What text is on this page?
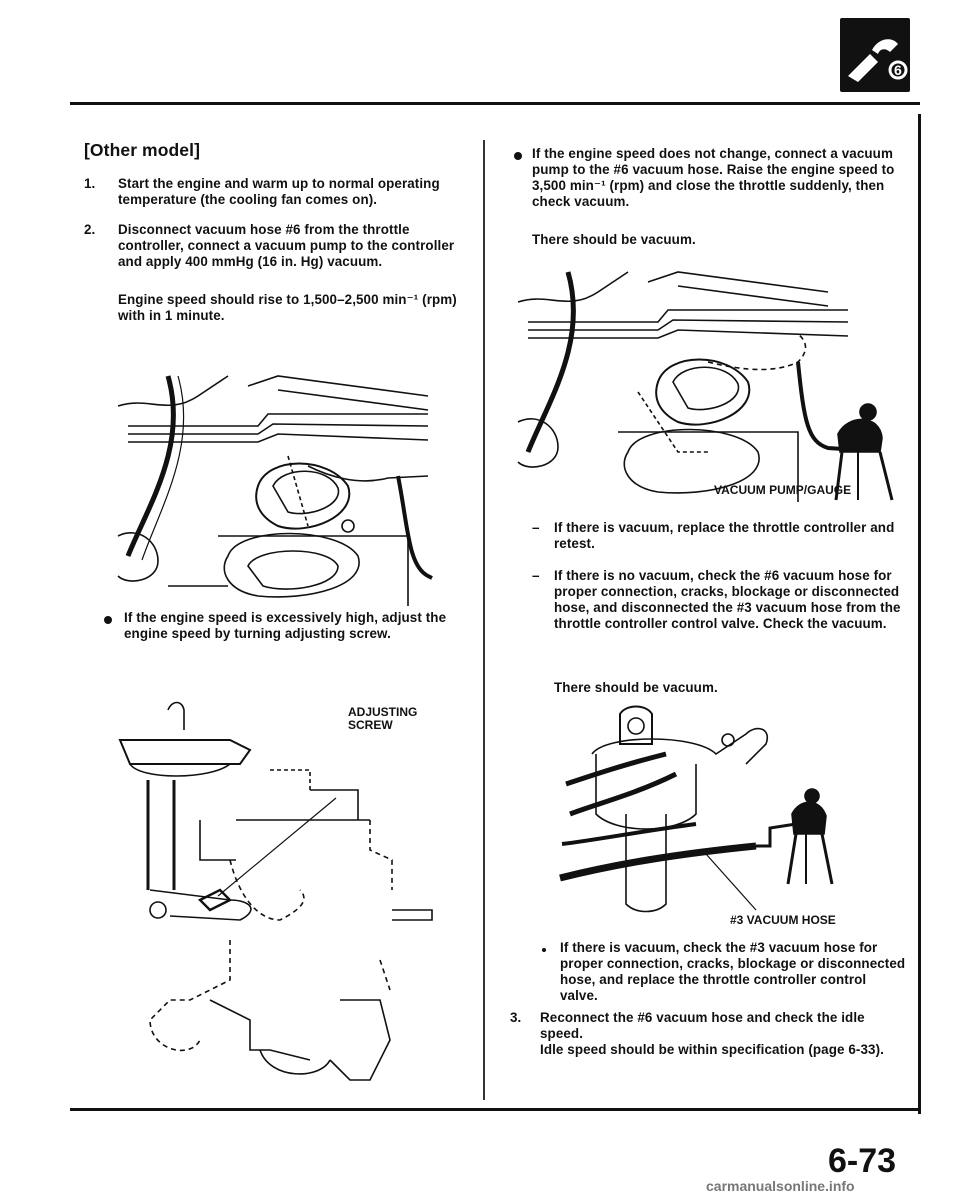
6
[Other model]
1.	Start the engine and warm up to normal operating temperature (the cooling fan comes on).
2.	Disconnect vacuum hose #6 from the throttle controller, connect a vacuum pump to the controller and apply 400 mmHg (16 in. Hg) vacuum.
Engine speed should rise to 1,500–2,500 min⁻¹ (rpm) with in 1 minute.
If the engine speed is excessively high, adjust the engine speed by turning adjusting screw.
ADJUSTING SCREW
If the engine speed does not change, connect a vacuum pump to the #6 vacuum hose. Raise the engine speed to 3,500 min⁻¹ (rpm) and close the throttle suddenly, then check vacuum.
There should be vacuum.
VACUUM PUMP/GAUGE
– If there is vacuum, replace the throttle controller and retest.
– If there is no vacuum, check the #6 vacuum hose for proper connection, cracks, blockage or disconnected hose, and disconnected the #3 vacuum hose from the throttle controller control valve. Check the vacuum.
There should be vacuum.
#3 VACUUM HOSE
If there is vacuum, check the #3 vacuum hose for proper connection, cracks, blockage or disconnected hose, and replace the throttle controller control valve.
3.	Reconnect the #6 vacuum hose and check the idle speed.
Idle speed should be within specification (page 6-33).
6-73
carmanualsonline.info
